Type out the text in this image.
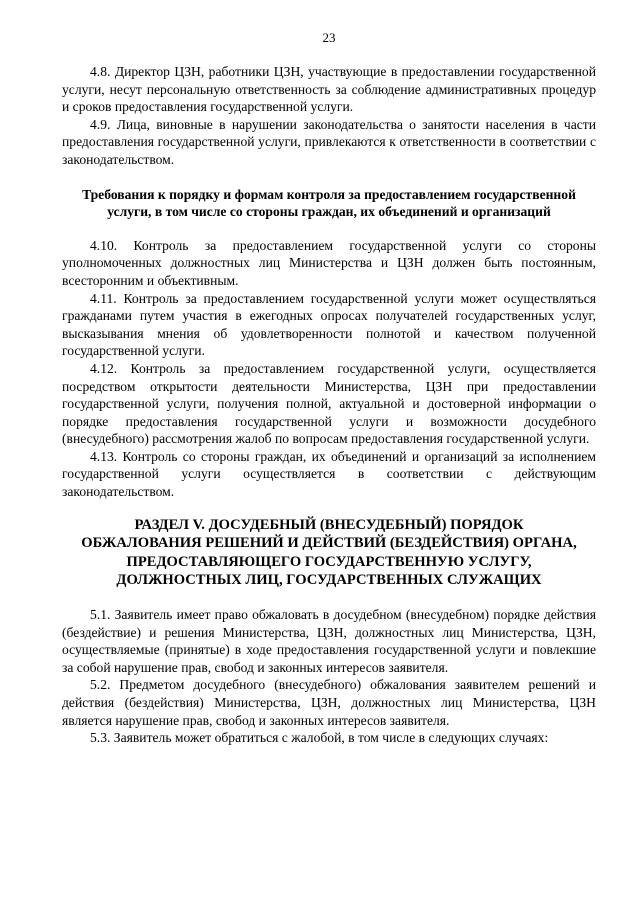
23

4.8. Директор ЦЗН, работники ЦЗН, участвующие в предоставлении государственной услуги, несут персональную ответственность за соблюдение административных процедур и сроков предоставления государственной услуги.

4.9. Лица, виновные в нарушении законодательства о занятости населения в части предоставления государственной услуги, привлекаются к ответственности в соответствии с законодательством.

Требования к порядку и формам контроля за предоставлением государственной услуги, в том числе со стороны граждан, их объединений и организаций

4.10. Контроль за предоставлением государственной услуги со стороны уполномоченных должностных лиц Министерства и ЦЗН должен быть постоянным, всесторонним и объективным.

4.11. Контроль за предоставлением государственной услуги может осуществляться гражданами путем участия в ежегодных опросах получателей государственных услуг, высказывания мнения об удовлетворенности полнотой и качеством полученной государственной услуги.

4.12. Контроль за предоставлением государственной услуги, осуществляется посредством открытости деятельности Министерства, ЦЗН при предоставлении государственной услуги, получения полной, актуальной и достоверной информации о порядке предоставления государственной услуги и возможности досудебного (внесудебного) рассмотрения жалоб по вопросам предоставления государственной услуги.

4.13. Контроль со стороны граждан, их объединений и организаций за исполнением государственной услуги осуществляется в соответствии с действующим законодательством.

РАЗДЕЛ V. ДОСУДЕБНЫЙ (ВНЕСУДЕБНЫЙ) ПОРЯДОК

ОБЖАЛОВАНИЯ РЕШЕНИЙ И ДЕЙСТВИЙ (БЕЗДЕЙСТВИЯ) ОРГАНА,

ПРЕДОСТАВЛЯЮЩЕГО ГОСУДАРСТВЕННУЮ УСЛУГУ,

ДОЛЖНОСТНЫХ ЛИЦ, ГОСУДАРСТВЕННЫХ СЛУЖАЩИХ

5.1. Заявитель имеет право обжаловать в досудебном (внесудебном) порядке действия (бездействие) и решения Министерства, ЦЗН, должностных лиц Министерства, ЦЗН, осуществляемые (принятые) в ходе предоставления государственной услуги и повлекшие за собой нарушение прав, свобод и законных интересов заявителя.

5.2. Предметом досудебного (внесудебного) обжалования заявителем решений и действия (бездействия) Министерства, ЦЗН, должностных лиц Министерства, ЦЗН является нарушение прав, свобод и законных интересов заявителя.

5.3. Заявитель может обратиться с жалобой, в том числе в следующих случаях:
